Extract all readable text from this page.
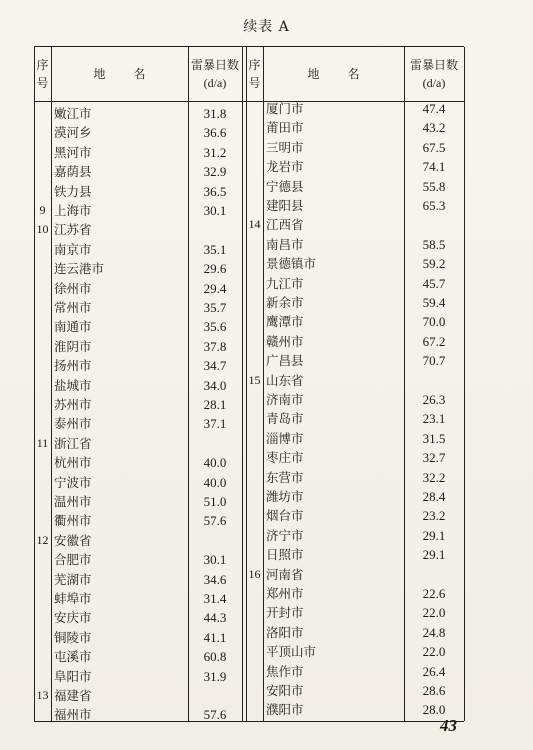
续表 A
序
号
地名
雷暴日数
(d/a)
序
号
地名
雷暴日数
(d/a)
嫩江市	31.8
漠河乡	36.6
黑河市	31.2
嘉荫县	32.9
铁力县	36.5
9 上海市	30.1
10 江苏省
南京市	35.1
连云港市	29.6
徐州市	29.4
常州市	35.7
南通市	35.6
淮阴市	37.8
扬州市	34.7
盐城市	34.0
苏州市	28.1
泰州市	37.1
11 浙江省
杭州市	40.0
宁波市	40.0
温州市	51.0
衢州市	57.6
12 安徽省
合肥市	30.1
芜湖市	34.6
蚌埠市	31.4
安庆市	44.3
铜陵市	41.1
屯溪市	60.8
阜阳市	31.9
13 福建省
福州市	57.6
厦门市	47.4
莆田市	43.2
三明市	67.5
龙岩市	74.1
宁德县	55.8
建阳县	65.3
14 江西省
南昌市	58.5
景德镇市	59.2
九江市	45.7
新余市	59.4
鹰潭市	70.0
赣州市	67.2
广昌县	70.7
15 山东省
济南市	26.3
青岛市	23.1
淄博市	31.5
枣庄市	32.7
东营市	32.2
潍坊市	28.4
烟台市	23.2
济宁市	29.1
日照市	29.1
16 河南省
郑州市	22.6
开封市	22.0
洛阳市	24.8
平顶山市	22.0
焦作市	26.4
安阳市	28.6
濮阳市	28.0
43
